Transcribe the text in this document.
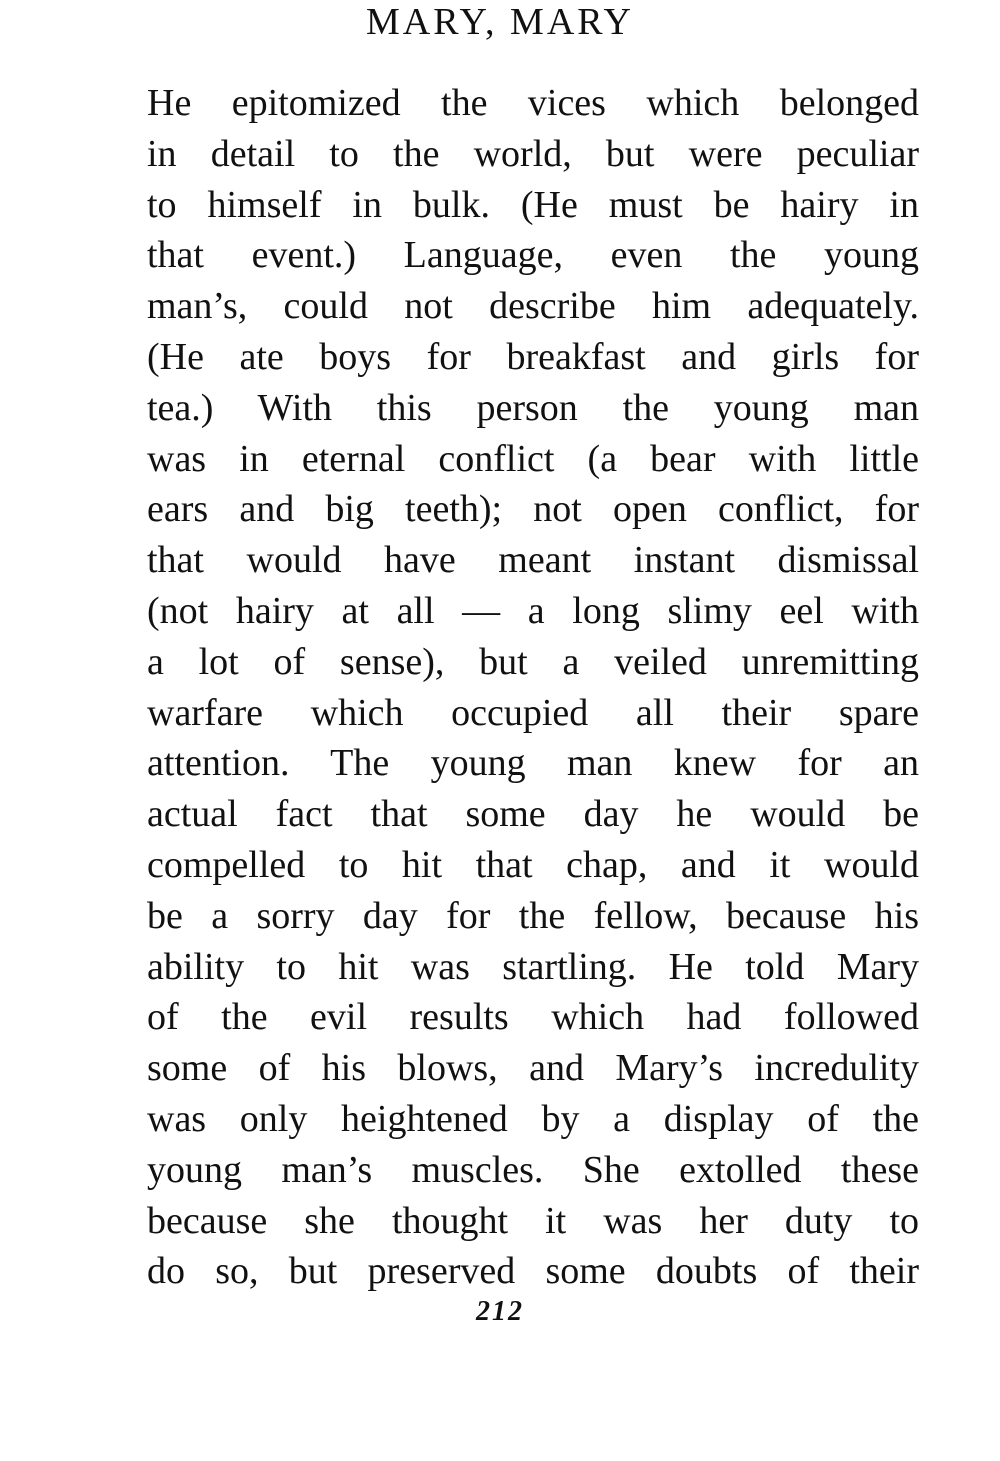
MARY, MARY
He epitomized the vices which belonged
in detail to the world, but were peculiar
to himself in bulk. (He must be hairy in
that event.) Language, even the young
man’s, could not describe him adequately.
(He ate boys for breakfast and girls for
tea.) With this person the young man
was in eternal conflict (a bear with little
ears and big teeth); not open conflict, for
that would have meant instant dismissal
(not hairy at all — a long slimy eel with
a lot of sense), but a veiled unremitting
warfare which occupied all their spare
attention. The young man knew for an
actual fact that some day he would be
compelled to hit that chap, and it would
be a sorry day for the fellow, because his
ability to hit was startling. He told Mary
of the evil results which had followed
some of his blows, and Mary’s incredulity
was only heightened by a display of the
young man’s muscles. She extolled these
because she thought it was her duty to
do so, but preserved some doubts of their
212
